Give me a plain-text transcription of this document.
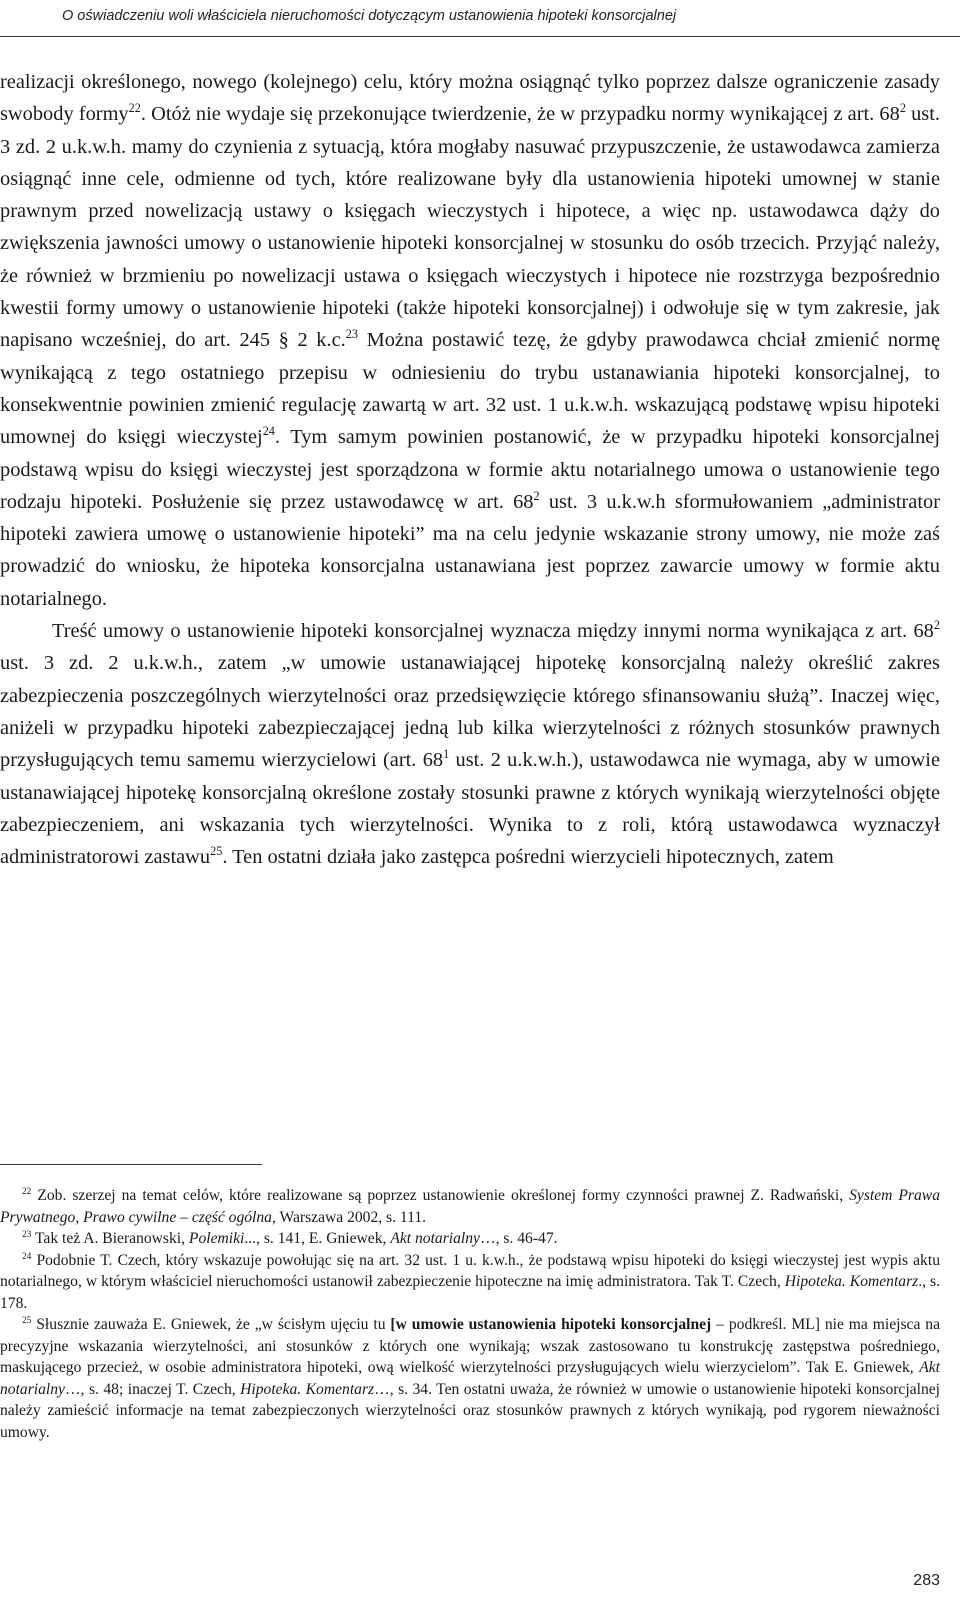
O oświadczeniu woli właściciela nieruchomości dotyczącym ustanowienia hipoteki konsorcjalnej

realizacji określonego, nowego (kolejnego) celu, który można osiągnąć tylko poprzez dalsze ograniczenie zasady swobody formy$^{22}$. Otóż nie wydaje się przekonujące twierdzenie, że w przypadku normy wynikającej z art. $68^2$ ust. 3 zd. 2 u.k.w.h. mamy do czynienia z sytuacją, która mogłaby nasuwać przypuszczenie, że ustawodawca zamierza osiągnąć inne cele, odmienne od tych, które realizowane były dla ustanowienia hipoteki umownej w stanie prawnym przed nowelizacją ustawy o księgach wieczystych i hipotece, a więc np. ustawodawca dąży do zwiększenia jawności umowy o ustanowienie hipoteki konsorcjalnej w stosunku do osób trzecich. Przyjąć należy, że również w brzmieniu po nowelizacji ustawa o księgach wieczystych i hipotece nie rozstrzyga bezpośrednio kwestii formy umowy o ustanowienie hipoteki (także hipoteki konsorcjalnej) i odwołuje się w tym zakresie, jak napisano wcześniej, do art. 245 § 2 k.c.$^{23}$ Można postawić tezę, że gdyby prawodawca chciał zmienić normę wynikającą z tego ostatniego przepisu w odniesieniu do trybu ustanawiania hipoteki konsorcjalnej, to konsekwentnie powinien zmienić regulację zawartą w art. 32 ust. 1 u.k.w.h. wskazującą podstawę wpisu hipoteki umownej do księgi wieczystej$^{24}$. Tym samym powinien postanowić, że w przypadku hipoteki konsorcjalnej podstawą wpisu do księgi wieczystej jest sporządzona w formie aktu notarialnego umowa o ustanowienie tego rodzaju hipoteki. Posłużenie się przez ustawodawcę w art. $68^2$ ust. 3 u.k.w.h sformułowaniem „administrator hipoteki zawiera umowę o ustanowienie hipoteki” ma na celu jedynie wskazanie strony umowy, nie może zaś prowadzić do wniosku, że hipoteka konsorcjalna ustanawiana jest poprzez zawarcie umowy w formie aktu notarialnego.

Treść umowy o ustanowienie hipoteki konsorcjalnej wyznacza między innymi norma wynikająca z art. $68^2$ ust. 3 zd. 2 u.k.w.h., zatem „w umowie ustanawiającej hipotekę konsorcjalną należy określić zakres zabezpieczenia poszczególnych wierzytelności oraz przedsięwzięcie którego sfinansowaniu służą”. Inaczej więc, aniżeli w przypadku hipoteki zabezpieczającej jedną lub kilka wierzytelności z różnych stosunków prawnych przysługujących temu samemu wierzycielowi (art. $68^1$ ust. 2 u.k.w.h.), ustawodawca nie wymaga, aby w umowie ustanawiającej hipotekę konsorcjalną określone zostały stosunki prawne z których wynikają wierzytelności objęte zabezpieczeniem, ani wskazania tych wierzytelności. Wynika to z roli, którą ustawodawca wyznaczył administratorowi zastawu$^{25}$. Ten ostatni działa jako zastępca pośredni wierzycieli hipotecznych, zatem

$^{22}$ Zob. szerzej na temat celów, które realizowane są poprzez ustanowienie określonej formy czynności prawnej Z. Radwański, System Prawa Prywatnego, Prawo cywilne – część ogólna, Warszawa 2002, s. 111.

$^{23}$ Tak też A. Bieranowski, Polemiki..., s. 141, E. Gniewek, Akt notarialny…, s. 46-47.

$^{24}$ Podobnie T. Czech, który wskazuje powołując się na art. 32 ust. 1 u. k.w.h., że podstawą wpisu hipoteki do księgi wieczystej jest wypis aktu notarialnego, w którym właściciel nieruchomości ustanowił zabezpieczenie hipoteczne na imię administratora. Tak T. Czech, Hipoteka. Komentarz., s. 178.

$^{25}$ Słusznie zauważa E. Gniewek, że „w ścisłym ujęciu tu [w umowie ustanowienia hipoteki konsorcjalnej – podkreśl. ML] nie ma miejsca na precyzyjne wskazania wierzytelności, ani stosunków z których one wynikają; wszak zastosowano tu konstrukcję zastępstwa pośredniego, maskującego przecież, w osobie administratora hipoteki, ową wielkość wierzytelności przysługujących wielu wierzycielom”. Tak E. Gniewek, Akt notarialny…, s. 48; inaczej T. Czech, Hipoteka. Komentarz…, s. 34. Ten ostatni uważa, że również w umowie o ustanowienie hipoteki konsorcjalnej należy zamieścić informacje na temat zabezpieczonych wierzytelności oraz stosunków prawnych z których wynikają, pod rygorem nieważności umowy.

283
